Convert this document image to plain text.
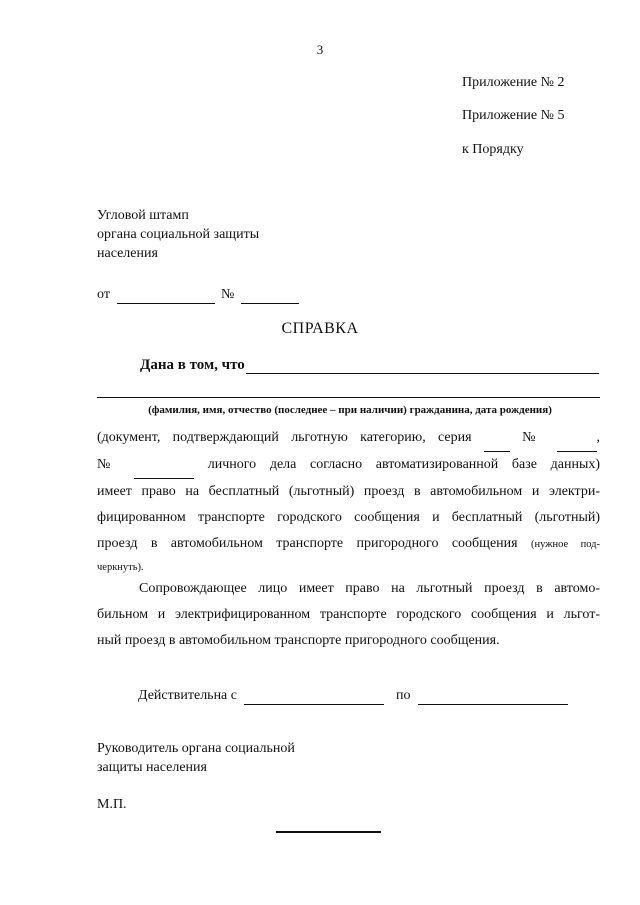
3
Приложение № 2
Приложение № 5
к Порядку
Угловой штамп
органа социальной защиты
населения
от	№
СПРАВКА
Дана в том, что
(фамилия, имя, отчество (последнее – при наличии) гражданина, дата рождения)
(документ, подтверждающий льготную категорию, серия	№	,
№	личного дела согласно автоматизированной базе данных)
имеет право на бесплатный (льготный) проезд в автомобильном и электри-
фицированном транспорте городского сообщения и бесплатный (льготный)
проезд в автомобильном транспорте пригородного сообщения (нужное под-
черкнуть).
Сопровождающее лицо имеет право на льготный проезд в автомо-
бильном и электрифицированном транспорте городского сообщения и льгот-
ный проезд в автомобильном транспорте пригородного сообщения.
Действительна с	по
Руководитель органа социальной
защиты населения
М.П.
